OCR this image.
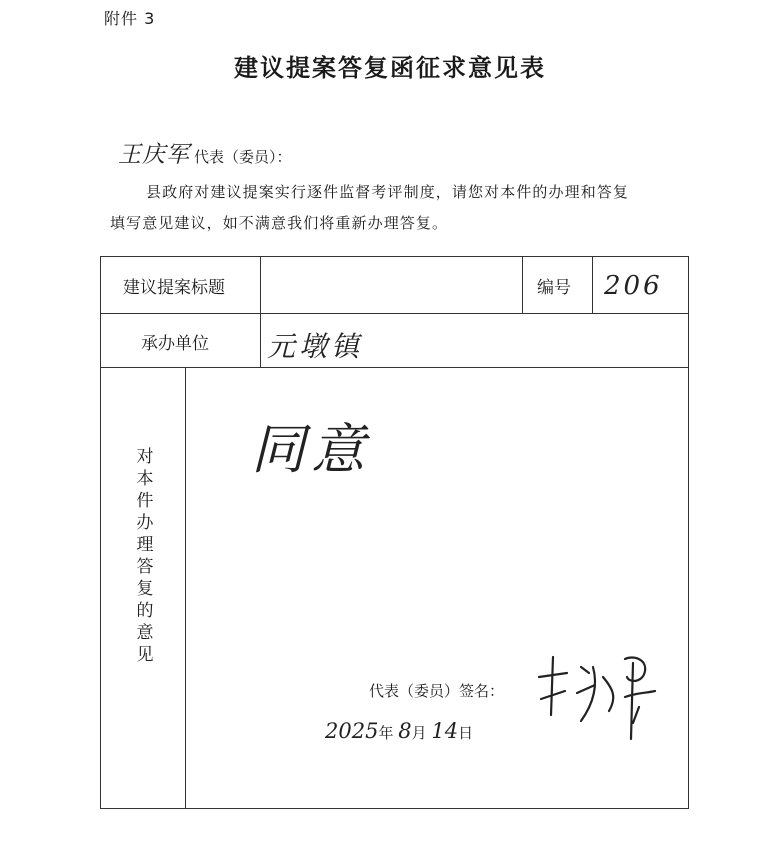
附件 3
建议提案答复函征求意见表
王庆军 代表（委员）：
县政府对建议提案实行逐件监督考评制度，请您对本件的办理和答复
填写意见建议，如不满意我们将重新办理答复。
建议提案标题	编号 206
承办单位 元墩镇
对本件办理答复的意见 同意
代表（委员）签名：
2025年 8月 14日
